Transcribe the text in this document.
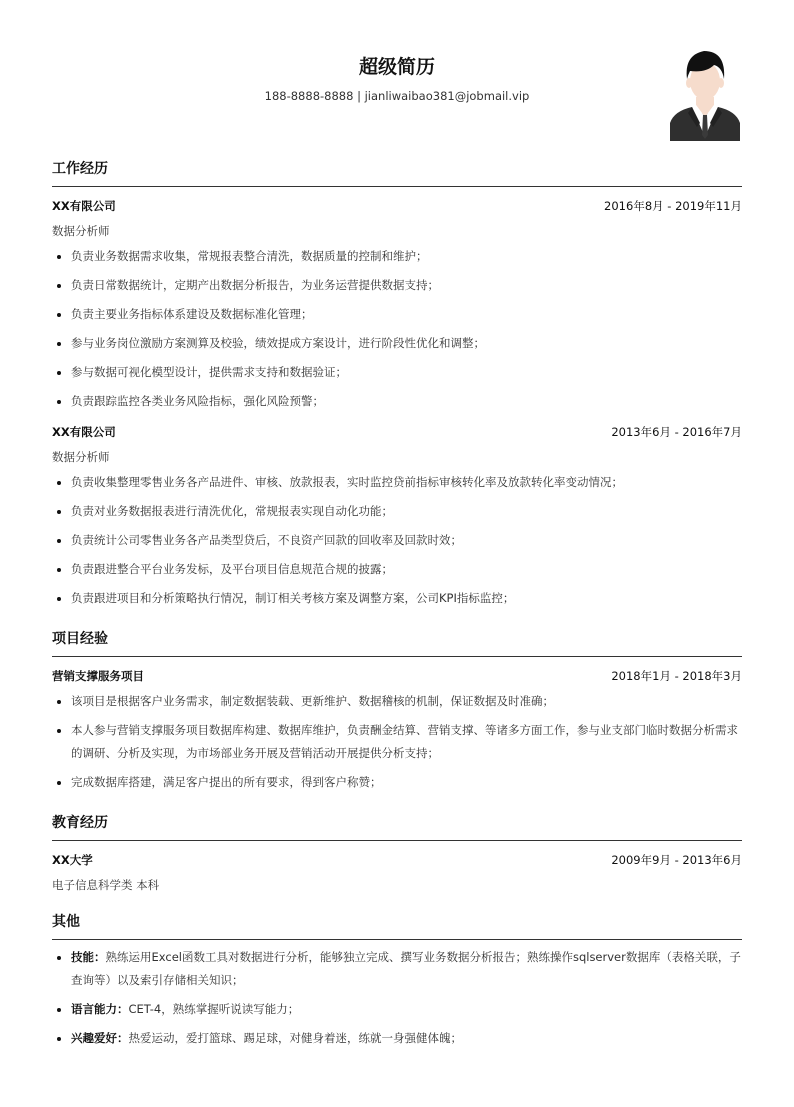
超级简历
188-8888-8888 | jianliwaibao381@jobmail.vip
工作经历
XX有限公司	2016年8月 - 2019年11月
数据分析师
• 负责业务数据需求收集，常规报表整合清洗，数据质量的控制和维护；
• 负责日常数据统计，定期产出数据分析报告，为业务运营提供数据支持；
• 负责主要业务指标体系建设及数据标准化管理；
• 参与业务岗位激励方案测算及校验，绩效提成方案设计，进行阶段性优化和调整；
• 参与数据可视化模型设计，提供需求支持和数据验证；
• 负责跟踪监控各类业务风险指标，强化风险预警；
XX有限公司	2013年6月 - 2016年7月
数据分析师
• 负责收集整理零售业务各产品进件、审核、放款报表，实时监控贷前指标审核转化率及放款转化率变动情况；
• 负责对业务数据报表进行清洗优化，常规报表实现自动化功能；
• 负责统计公司零售业务各产品类型贷后，不良资产回款的回收率及回款时效；
• 负责跟进整合平台业务发标，及平台项目信息规范合规的披露；
• 负责跟进项目和分析策略执行情况，制订相关考核方案及调整方案，公司KPI指标监控；
项目经验
营销支撑服务项目	2018年1月 - 2018年3月
• 该项目是根据客户业务需求，制定数据装载、更新维护、数据稽核的机制，保证数据及时准确；
• 本人参与营销支撑服务项目数据库构建、数据库维护，负责酬金结算、营销支撑、等诸多方面工作，参与业支部门临时数据分析需求的调研、分析及实现，为市场部业务开展及营销活动开展提供分析支持；
• 完成数据库搭建，满足客户提出的所有要求，得到客户称赞；
教育经历
XX大学	2009年9月 - 2013年6月
电子信息科学类 本科
其他
• 技能：熟练运用Excel函数工具对数据进行分析，能够独立完成、撰写业务数据分析报告；熟练操作sqlserver数据库（表格关联，子查询等）以及索引存储相关知识；
• 语言能力：CET-4，熟练掌握听说读写能力；
• 兴趣爱好：热爱运动，爱打篮球、踢足球，对健身着迷，练就一身强健体魄；
